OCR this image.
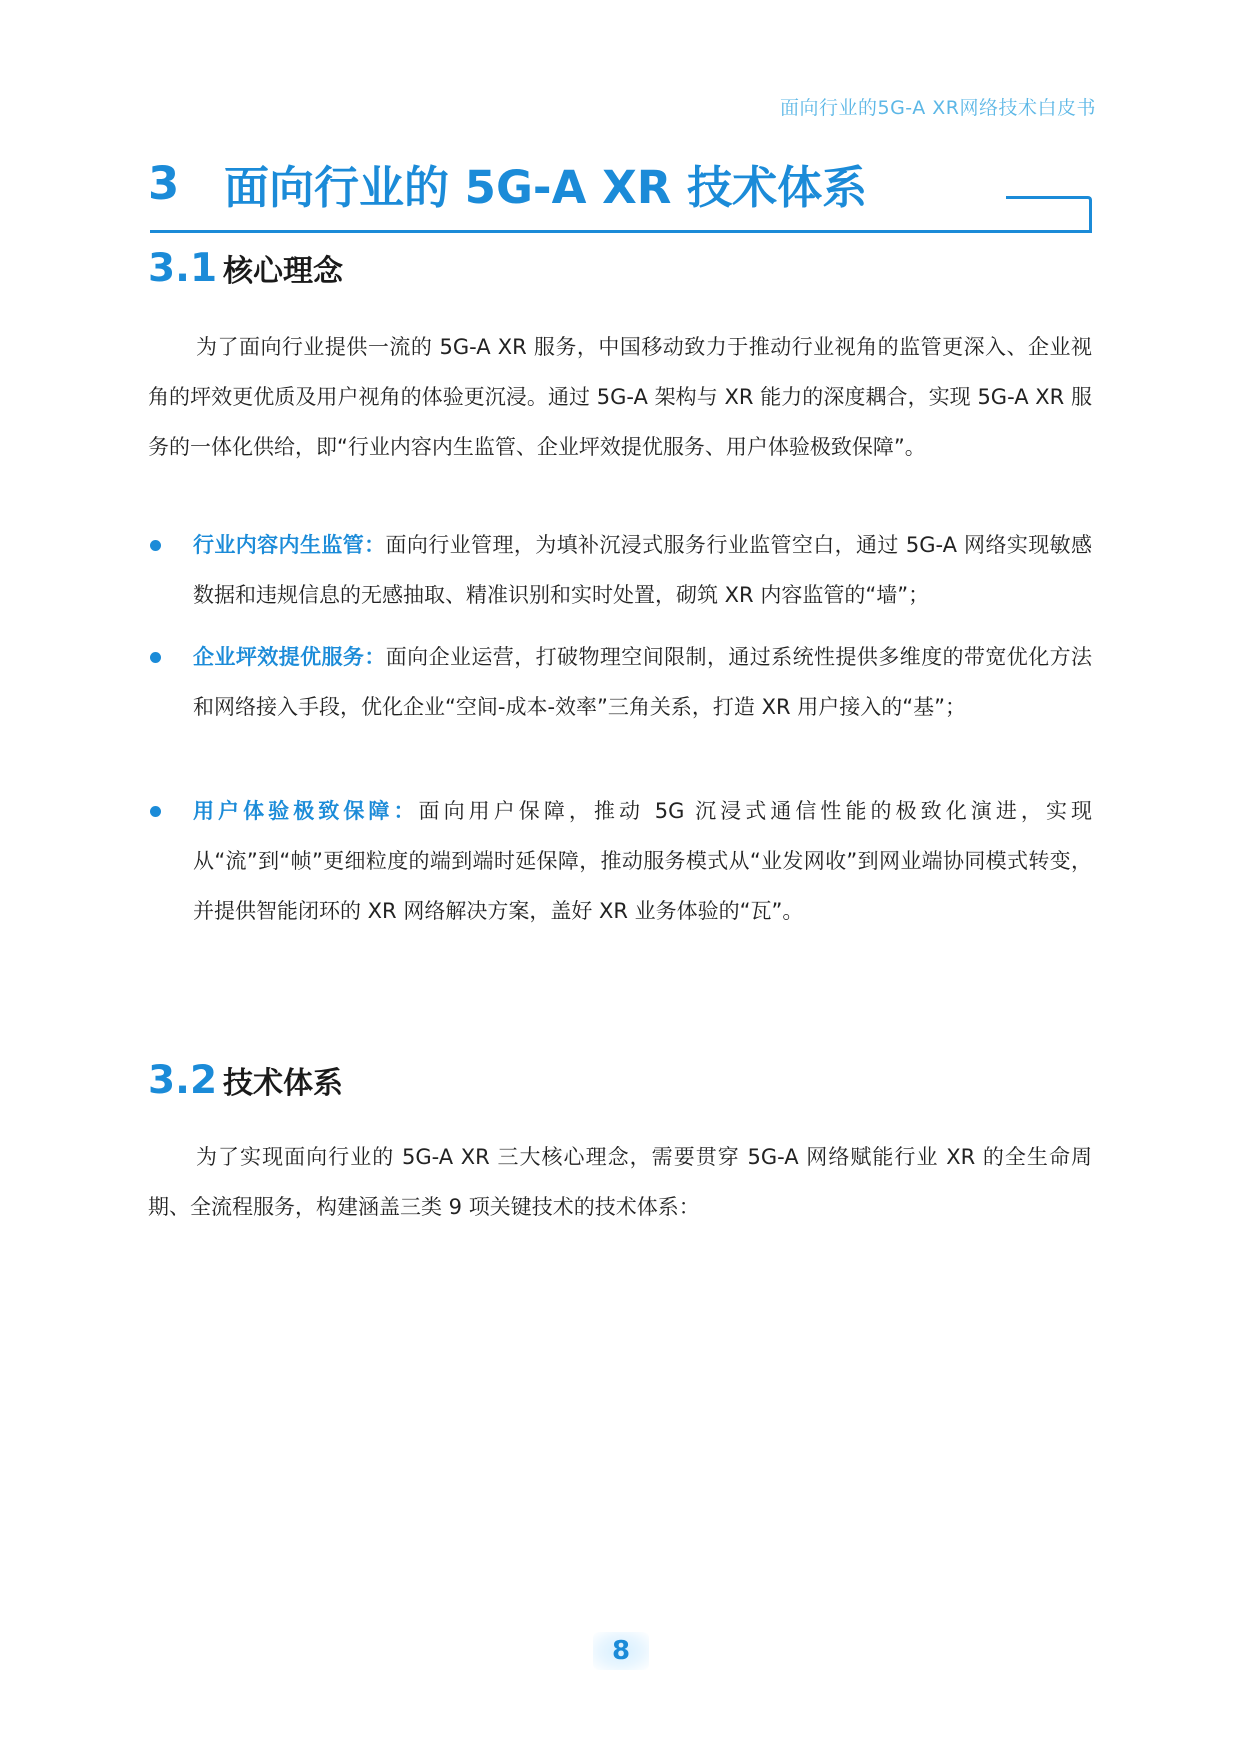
面向行业的5G-A XR网络技术白皮书
3 面向行业的 5G-A XR 技术体系
3.1 核心理念

为了面向行业提供一流的 5G-A XR 服务，中国移动致力于推动行业视角的监管更深入、企业视角的坪效更优质及用户视角的体验更沉浸。通过 5G-A 架构与 XR 能力的深度耦合，实现 5G-A XR 服务的一体化供给，即“行业内容内生监管、企业坪效提优服务、用户体验极致保障”。

行业内容内生监管：面向行业管理，为填补沉浸式服务行业监管空白，通过 5G-A 网络实现敏感数据和违规信息的无感抽取、精准识别和实时处置，砌筑 XR 内容监管的“墙”；
企业坪效提优服务：面向企业运营，打破物理空间限制，通过系统性提供多维度的带宽优化方法和网络接入手段，优化企业“空间-成本-效率”三角关系，打造 XR 用户接入的“基”；
用户体验极致保障：面向用户保障，推动 5G 沉浸式通信性能的极致化演进，实现从“流”到“帧”更细粒度的端到端时延保障，推动服务模式从“业发网收”到网业端协同模式转变，并提供智能闭环的 XR 网络解决方案，盖好 XR 业务体验的“瓦”。
3.2 技术体系

为了实现面向行业的 5G-A XR 三大核心理念，需要贯穿 5G-A 网络赋能行业 XR 的全生命周期、全流程服务，构建涵盖三类 9 项关键技术的技术体系：

8
